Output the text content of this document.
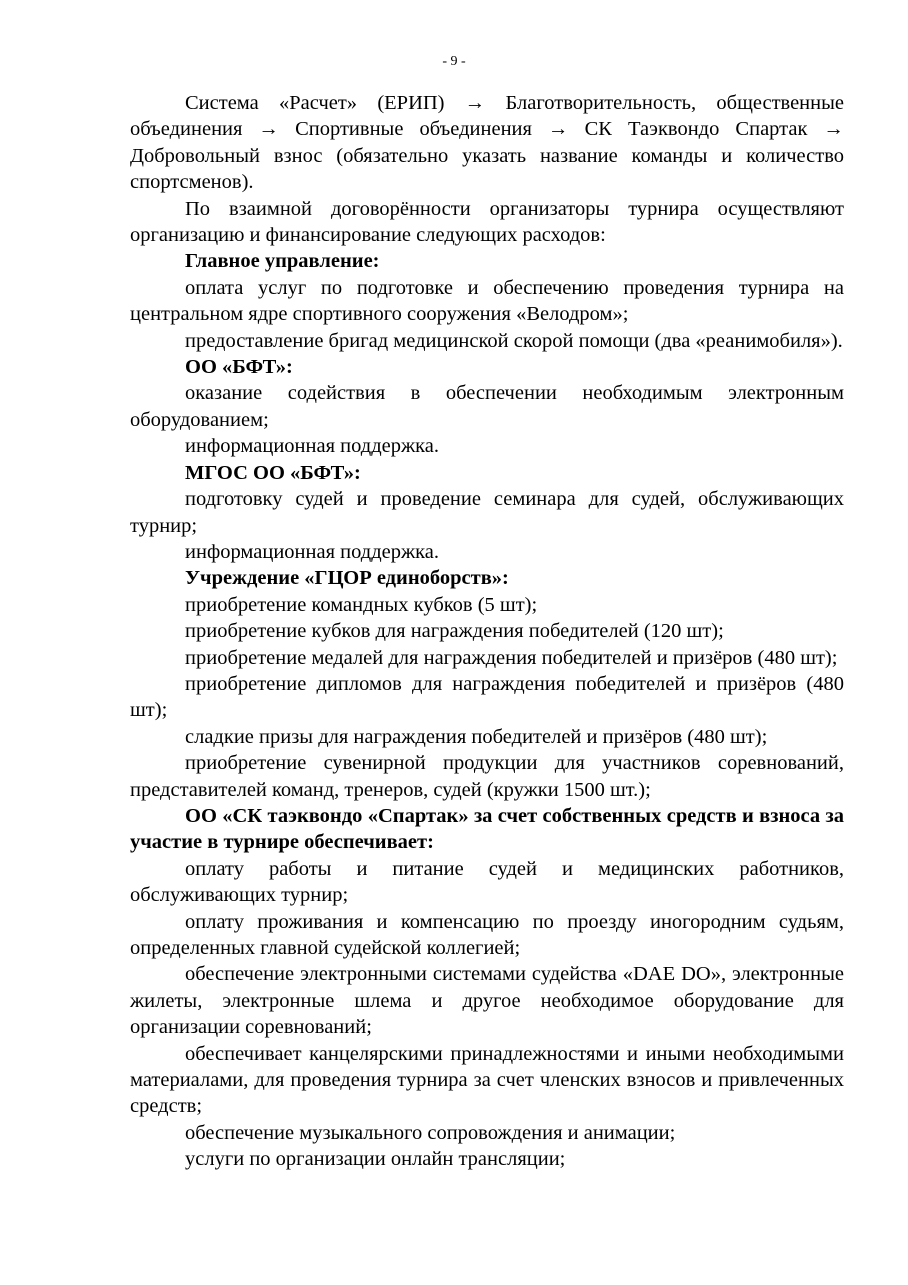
- 9 -

Система «Расчет» (ЕРИП) → Благотворительность, общественные объединения → Спортивные объединения → СК Таэквондо Спартак → Добровольный взнос (обязательно указать название команды и количество спортсменов).

По взаимной договорённости организаторы турнира осуществляют организацию и финансирование следующих расходов:

Главное управление:

оплата услуг по подготовке и обеспечению проведения турнира на центральном ядре спортивного сооружения «Велодром»;

предоставление бригад медицинской скорой помощи (два «реанимобиля»).

ОО «БФТ»:

оказание содействия в обеспечении необходимым электронным оборудованием;

информационная поддержка.

МГОС ОО «БФТ»:

подготовку судей и проведение семинара для судей, обслуживающих турнир;

информационная поддержка.

Учреждение «ГЦОР единоборств»:

приобретение командных кубков (5 шт);

приобретение кубков для награждения победителей (120 шт);

приобретение медалей для награждения победителей и призёров (480 шт);

приобретение дипломов для награждения победителей и призёров (480 шт);

сладкие призы для награждения победителей и призёров (480 шт);

приобретение сувенирной продукции для участников соревнований, представителей команд, тренеров, судей (кружки 1500 шт.);

ОО «СК таэквондо «Спартак» за счет собственных средств и взноса за участие в турнире обеспечивает:

оплату работы и питание судей и медицинских работников, обслуживающих турнир;

оплату проживания и компенсацию по проезду иногородним судьям, определенных главной судейской коллегией;

обеспечение электронными системами судейства «DAE DO», электронные жилеты, электронные шлема и другое необходимое оборудование для организации соревнований;

обеспечивает канцелярскими принадлежностями и иными необходимыми материалами, для проведения турнира за счет членских взносов и привлеченных средств;

обеспечение музыкального сопровождения и анимации;

услуги по организации онлайн трансляции;
